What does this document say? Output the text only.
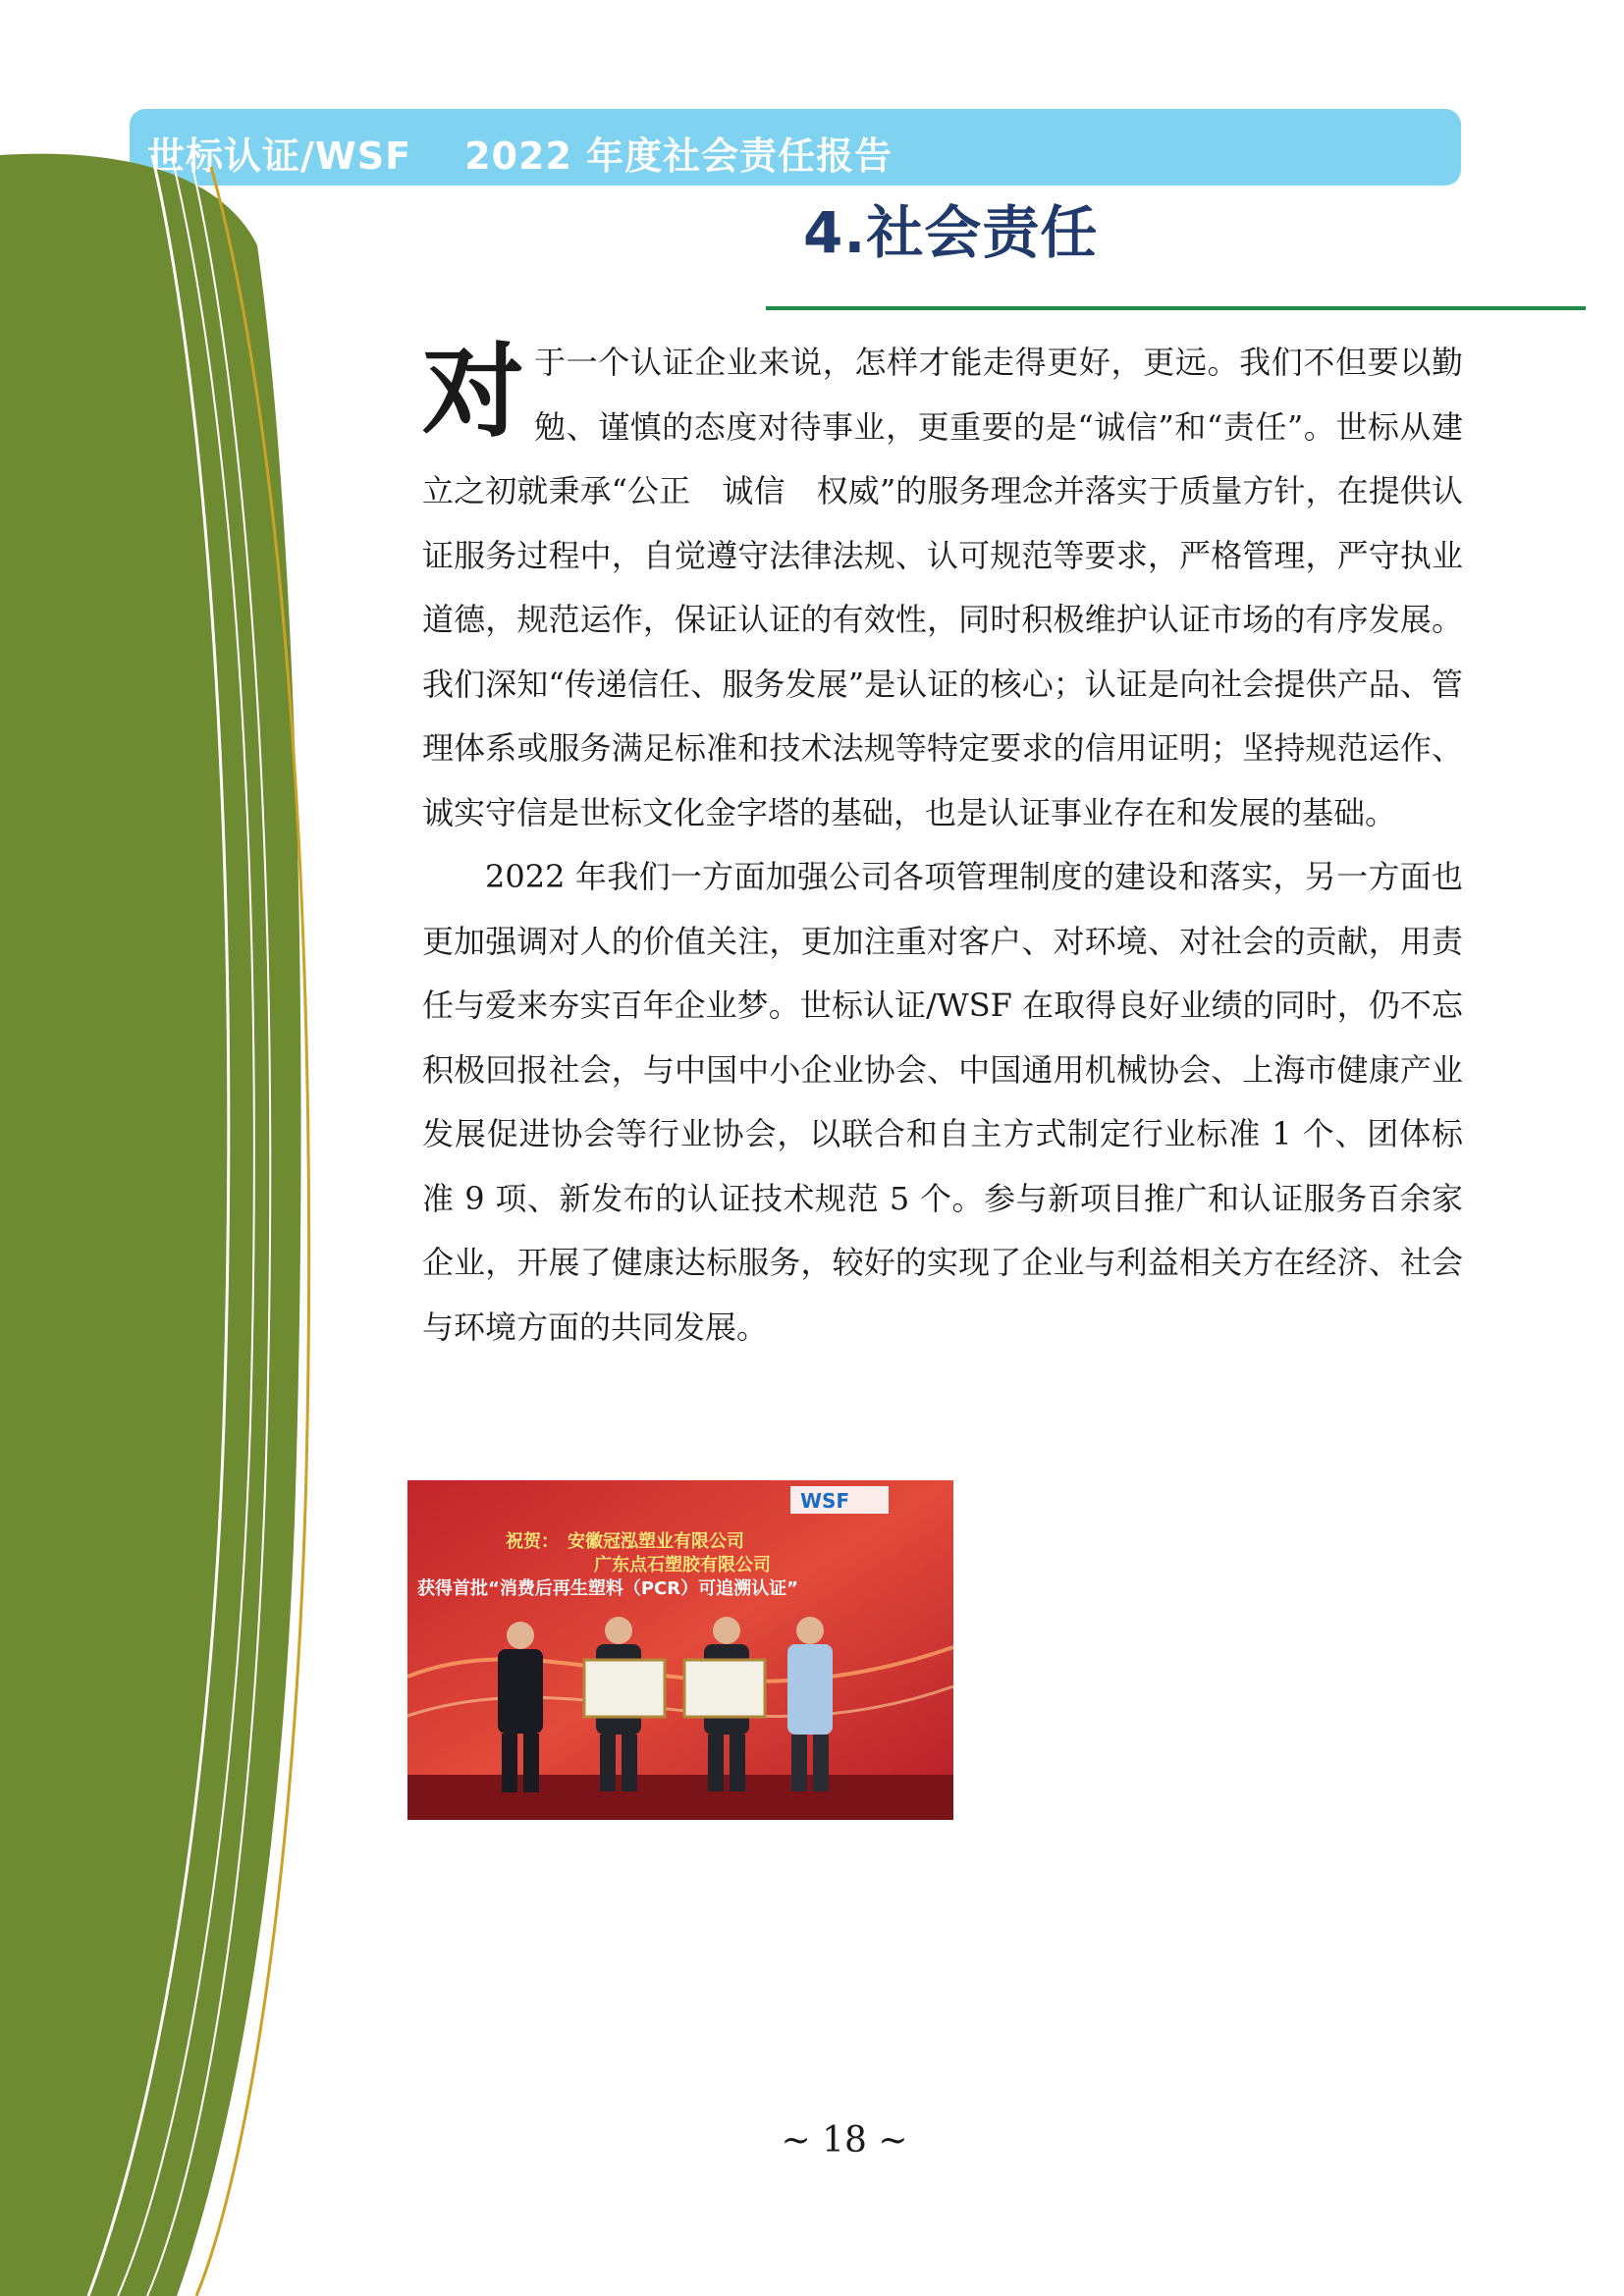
世标认证/WSF 2022 年度社会责任报告
4.社会责任

对于一个认证企业来说，怎样才能走得更好，更远。我们不但要以勤勉、谨慎的态度对待事业，更重要的是“诚信”和“责任”。世标从建立之初就秉承“公正　诚信　权威”的服务理念并落实于质量方针，在提供认证服务过程中，自觉遵守法律法规、认可规范等要求，严格管理，严守执业道德，规范运作，保证认证的有效性，同时积极维护认证市场的有序发展。我们深知“传递信任、服务发展”是认证的核心；认证是向社会提供产品、管理体系或服务满足标准和技术法规等特定要求的信用证明；坚持规范运作、诚实守信是世标文化金字塔的基础，也是认证事业存在和发展的基础。

2022 年我们一方面加强公司各项管理制度的建设和落实，另一方面也更加强调对人的价值关注，更加注重对客户、对环境、对社会的贡献，用责任与爱来夯实百年企业梦。世标认证/WSF 在取得良好业绩的同时，仍不忘积极回报社会，与中国中小企业协会、中国通用机械协会、上海市健康产业发展促进协会等行业协会，以联合和自主方式制定行业标准 1 个、团体标准 9 项、新发布的认证技术规范 5 个。参与新项目推广和认证服务百余家企业，开展了健康达标服务，较好的实现了企业与利益相关方在经济、社会与环境方面的共同发展。

WSF
祝贺：　安徽冠泓塑业有限公司
广东点石塑胶有限公司
获得首批“消费后再生塑料（PCR）可追溯认证”
~ 18 ~
